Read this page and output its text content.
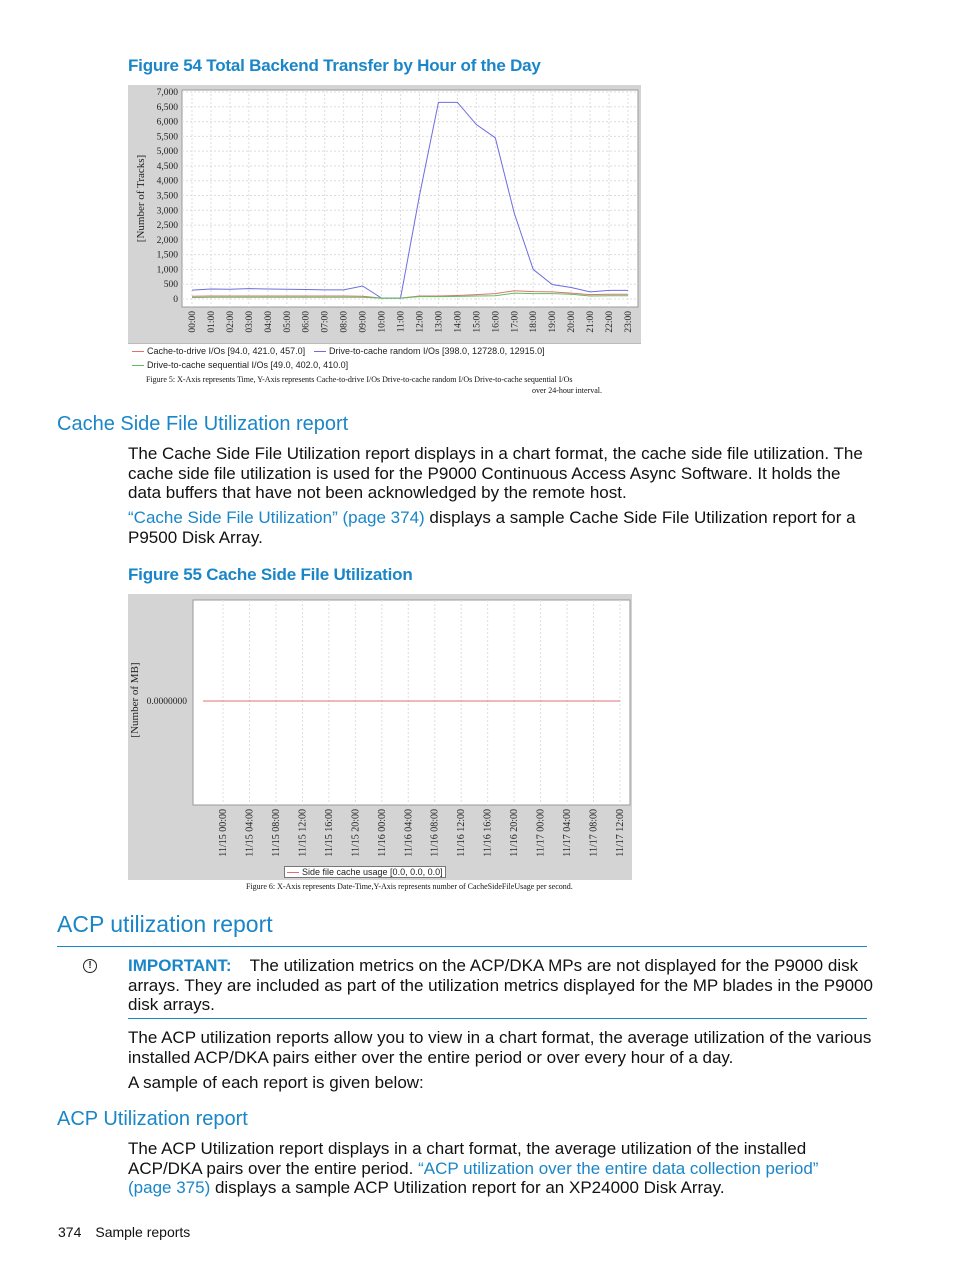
Figure 54 Total Backend Transfer by Hour of the Day
0
500
1,000
1,500
2,000
2,500
3,000
3,500
4,000
4,500
5,000
5,500
6,000
6,500
7,000
00:00 01:00 02:00 03:00 04:00 05:00 06:00 07:00 08:00 09:00 10:00 11:00 12:00 13:00 14:00 15:00 16:00 17:00 18:00 19:00 20:00 21:00 22:00 23:00
[Number of Tracks]
Cache-to-drive I/Os [94.0, 421.0, 457.0]	Drive-to-cache random I/Os [398.0, 12728.0, 12915.0]
Drive-to-cache sequential I/Os [49.0, 402.0, 410.0]
Figure 5: X-Axis represents Time, Y-Axis represents Cache-to-drive I/Os Drive-to-cache random I/Os Drive-to-cache sequential I/Os
over 24-hour interval.
Cache Side File Utilization report
The Cache Side File Utilization report displays in a chart format, the cache side file utilization. The cache side file utilization is used for the P9000 Continuous Access Async Software. It holds the data buffers that have not been acknowledged by the remote host.
“Cache Side File Utilization” (page 374) displays a sample Cache Side File Utilization report for a P9500 Disk Array.
Figure 55 Cache Side File Utilization
11/15 00:00 11/15 04:00 11/15 08:00 11/15 12:00 11/15 16:00 11/15 20:00 11/16 00:00 11/16 04:00 11/16 08:00 11/16 12:00 11/16 16:00 11/16 20:00 11/17 00:00 11/17 04:00 11/17 08:00 11/17 12:00
0.0000000
[Number of MB]
Side file cache usage [0.0, 0.0, 0.0]
Figure 6: X-Axis represents Date-Time,Y-Axis represents number of CacheSideFileUsage per second.
ACP utilization report
!	IMPORTANT: The utilization metrics on the ACP/DKA MPs are not displayed for the P9000 disk arrays. They are included as part of the utilization metrics displayed for the MP blades in the P9000 disk arrays.
The ACP utilization reports allow you to view in a chart format, the average utilization of the various installed ACP/DKA pairs either over the entire period or over every hour of a day.
A sample of each report is given below:
ACP Utilization report
The ACP Utilization report displays in a chart format, the average utilization of the installed ACP/DKA pairs over the entire period. “ACP utilization over the entire data collection period” (page 375) displays a sample ACP Utilization report for an XP24000 Disk Array.
374 Sample reports
